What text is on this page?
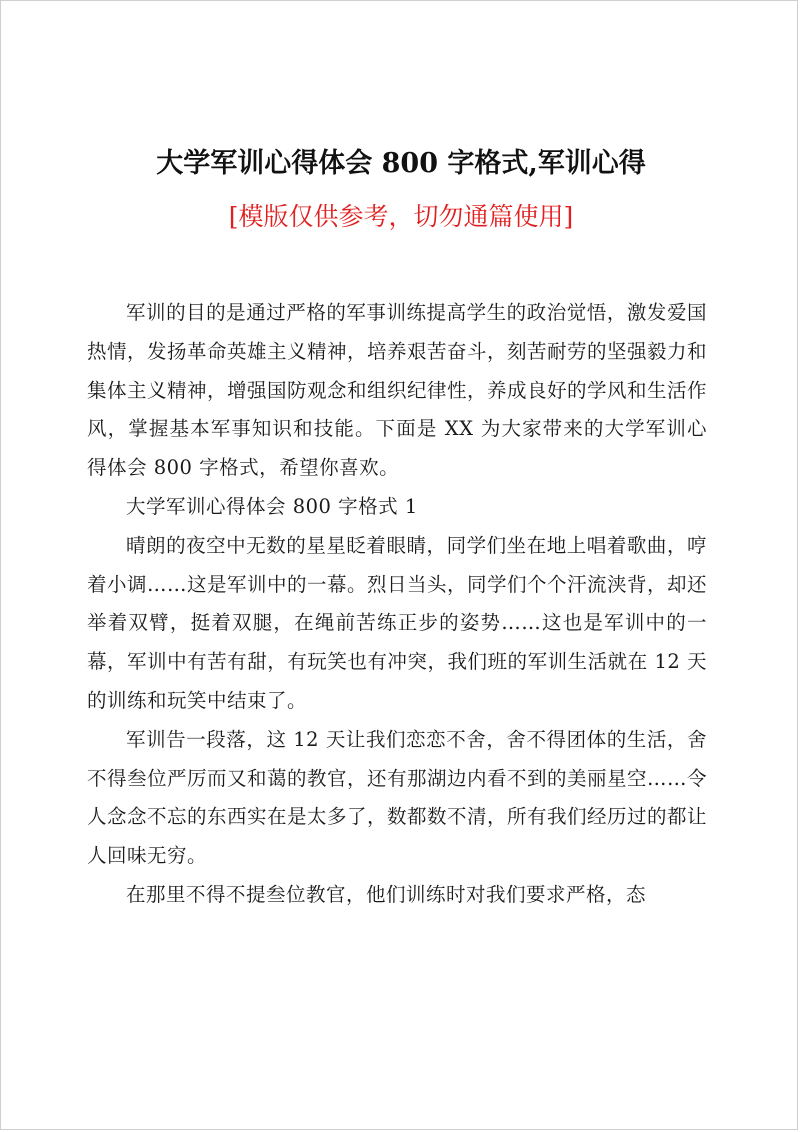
大学军训心得体会 800 字格式,军训心得
[模版仅供参考，切勿通篇使用]

军训的目的是通过严格的军事训练提高学生的政治觉悟，激发爱国热情，发扬革命英雄主义精神，培养艰苦奋斗，刻苦耐劳的坚强毅力和集体主义精神，增强国防观念和组织纪律性，养成良好的学风和生活作风，掌握基本军事知识和技能。下面是 XX 为大家带来的大学军训心得体会 800 字格式，希望你喜欢。

大学军训心得体会 800 字格式 1

晴朗的夜空中无数的星星眨着眼睛，同学们坐在地上唱着歌曲，哼着小调……这是军训中的一幕。烈日当头，同学们个个汗流浃背，却还举着双臂，挺着双腿，在绳前苦练正步的姿势……这也是军训中的一幕，军训中有苦有甜，有玩笑也有冲突，我们班的军训生活就在 12 天的训练和玩笑中结束了。

军训告一段落，这 12 天让我们恋恋不舍，舍不得团体的生活，舍不得叁位严厉而又和蔼的教官，还有那湖边内看不到的美丽星空……令人念念不忘的东西实在是太多了，数都数不清，所有我们经历过的都让人回味无穷。

在那里不得不提叁位教官，他们训练时对我们要求严格，态
